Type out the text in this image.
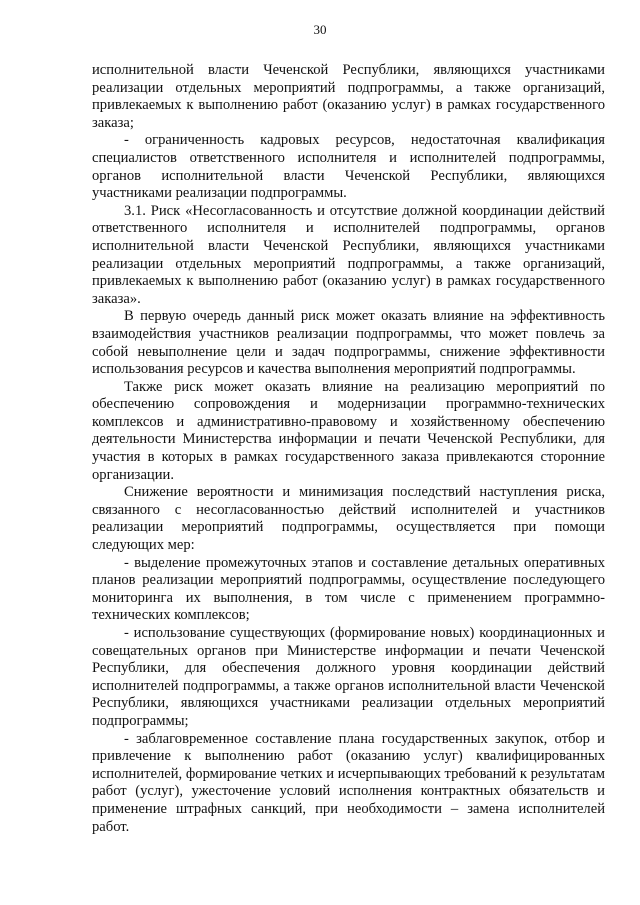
30

исполнительной власти Чеченской Республики, являющихся участниками реализации отдельных мероприятий подпрограммы, а также организаций, привлекаемых к выполнению работ (оказанию услуг) в рамках государственного заказа;

- ограниченность кадровых ресурсов, недостаточная квалификация специалистов ответственного исполнителя и исполнителей подпрограммы, органов исполнительной власти Чеченской Республики, являющихся участниками реализации подпрограммы.

3.1. Риск «Несогласованность и отсутствие должной координации действий ответственного исполнителя и исполнителей подпрограммы, органов исполнительной власти Чеченской Республики, являющихся участниками реализации отдельных мероприятий подпрограммы, а также организаций, привлекаемых к выполнению работ (оказанию услуг) в рамках государственного заказа».

В первую очередь данный риск может оказать влияние на эффективность взаимодействия участников реализации подпрограммы, что может повлечь за собой невыполнение цели и задач подпрограммы, снижение эффективности использования ресурсов и качества выполнения мероприятий подпрограммы.

Также риск может оказать влияние на реализацию мероприятий по обеспечению сопровождения и модернизации программно-технических комплексов и административно-правовому и хозяйственному обеспечению деятельности Министерства информации и печати Чеченской Республики, для участия в которых в рамках государственного заказа привлекаются сторонние организации.

Снижение вероятности и минимизация последствий наступления риска, связанного с несогласованностью действий исполнителей и участников реализации мероприятий подпрограммы, осуществляется при помощи следующих мер:

- выделение промежуточных этапов и составление детальных оперативных планов реализации мероприятий подпрограммы, осуществление последующего мониторинга их выполнения, в том числе с применением программно-технических комплексов;

- использование существующих (формирование новых) координационных и совещательных органов при Министерстве информации и печати Чеченской Республики, для обеспечения должного уровня координации действий исполнителей подпрограммы, а также органов исполнительной власти Чеченской Республики, являющихся участниками реализации отдельных мероприятий подпрограммы;

- заблаговременное составление плана государственных закупок, отбор и привлечение к выполнению работ (оказанию услуг) квалифицированных исполнителей, формирование четких и исчерпывающих требований к результатам работ (услуг), ужесточение условий исполнения контрактных обязательств и применение штрафных санкций, при необходимости – замена исполнителей работ.
